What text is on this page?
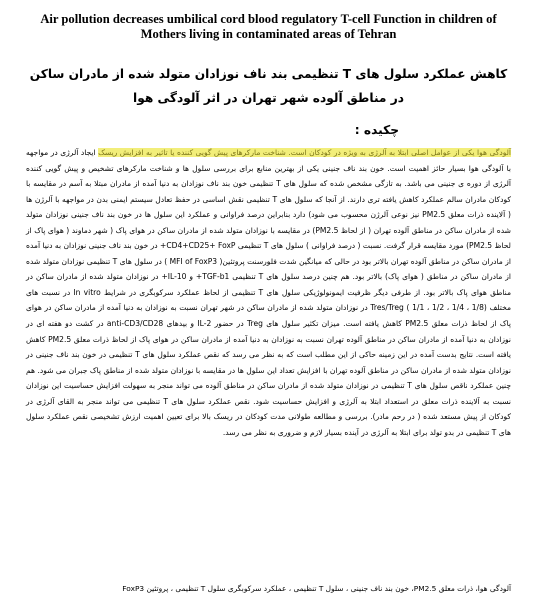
Air pollution decreases umbilical cord blood regulatory T-cell Function in children of Mothers living in contaminated areas of Tehran

کاهش عملکرد سلول های T تنظیمی بند ناف نوزادان متولد شده از مادران ساکن در مناطق آلوده شهر تهران در اثر آلودگی هوا

چکیده :

آلودگی هوا یکی از عوامل اصلی ابتلا به آلرژی به ویژه در کودکان است. شناخت مارکرهای پیش گویی کننده یا تاثیر به افزایش ریسک ایجاد آلرژی در مواجهه با آلودگی هوا بسیار حائز اهمیت است. خون بند ناف جنینی یکی از بهترین منابع برای بررسی سلول ها و شناخت مارکرهای تشخیص و پیش گویی کننده آلرژی از دوره ی جنینی می باشد. به تازگی مشخص شده که سلول های T تنظیمی خون بند ناف نوزادان به دنیا آمده از مادران مبتلا به آسم در مقایسه با کودکان مادران سالم عملکرد کاهش یافته تری دارند. از آنجا که سلول های T تنظیمی نقش اساسی در حفظ تعادل سیستم ایمنی بدن در مواجهه با آلرژن ها ( آلاینده ذرات معلق PM2.5 نیز نوعی آلرژن محسوب می شود) دارد بنابراین درصد فراوانی و عملکرد این سلول ها در خون بند ناف جنینی نوزادان متولد شده از مادران ساکن در مناطق آلوده تهران ( از لحاظ PM2.5) در مقایسه با نوزادان متولد شده از مادران ساکن در هوای پاک ( شهر دماوند ( هوای پاک از لحاظ PM2.5) مورد مقایسه قرار گرفت. نسبت ( درصد فراوانی ) سلول های T تنظیمی CD4+CD25+ FoxP+ در خون بند ناف جنینی نوزادان به دنیا آمده از مادران ساکن در مناطق آلوده تهران بالاتر بود در حالی که میانگین شدت فلورسنت پروتئین( MFI of FoxP3 ) در سلول های T تنظیمی نوزادان متولد شده از مادران ساکن در مناطق ( هوای پاک) بالاتر بود. هم چنین درصد سلول های T تنظیمی TGF-b1+ و IL-10+ در نوزادان متولد شده از مادران ساکن در مناطق هوای پاک بالاتر بود. از طرفی دیگر ظرفیت ایمونولوژیکی سلول های T تنظیمی از لحاظ عملکرد سرکوبگری در شرایط In vitro در نسبت های مختلف Tres/Treg ( 1/1 ، 1/2 ، 1/4 ، 1/8) در نوزادان متولد شده از مادران ساکن در شهر تهران نسبت به نوزادان به دنیا آمده از مادران ساکن در هوای پاک از لحاظ ذرات معلق PM2.5 کاهش یافته است. میزان تکثیر سلول های Treg در حضور IL-2 و بیدهای anti-CD3/CD28 در کشت دو هفته ای در نوزادان به دنیا آمده از مادران ساکن در مناطق آلوده تهران نسبت به نوزادان به دنیا آمده از مادران ساکن در هوای پاک از لحاظ ذرات معلق PM2.5 کاهش یافته است. نتایج بدست آمده در این زمینه حاکی از این مطلب است که به نظر می رسد که نقص عملکرد سلول های T تنظیمی در خون بند ناف جنینی در نوزادان متولد شده از مادران ساکن در مناطق آلوده تهران با افزایش تعداد این سلول ها در مقایسه با نوزادان متولد شده از مناطق پاک جبران می شود. هم چنین عملکرد ناقص سلول های T تنظیمی در نوزادان متولد شده از مادران ساکن در مناطق آلوده می تواند منجر به سهولت افزایش حساسیت این نوزادان نسبت به آلاینده ذرات معلق در استعداد ابتلا به آلرژی و افزایش حساسیت شود. نقص عملکرد سلول های T تنظیمی می تواند منجر به القای آلرژی در کودکان از پیش مستعد شده ( در رحم مادر). بررسی و مطالعه طولانی مدت کودکان در ریسک بالا برای تعیین اهمیت ارزش تشخیصی نقص عملکرد سلول های T تنظیمی در بدو تولد برای ابتلا به آلرژی در آینده بسیار لازم و ضروری به نظر می رسد.

آلودگی هوا، ذرات معلق PM2.5، خون بند ناف جنینی ، سلول T تنظیمی ، عملکرد سرکوبگری سلول T تنظیمی ، پروتئین FoxP3
